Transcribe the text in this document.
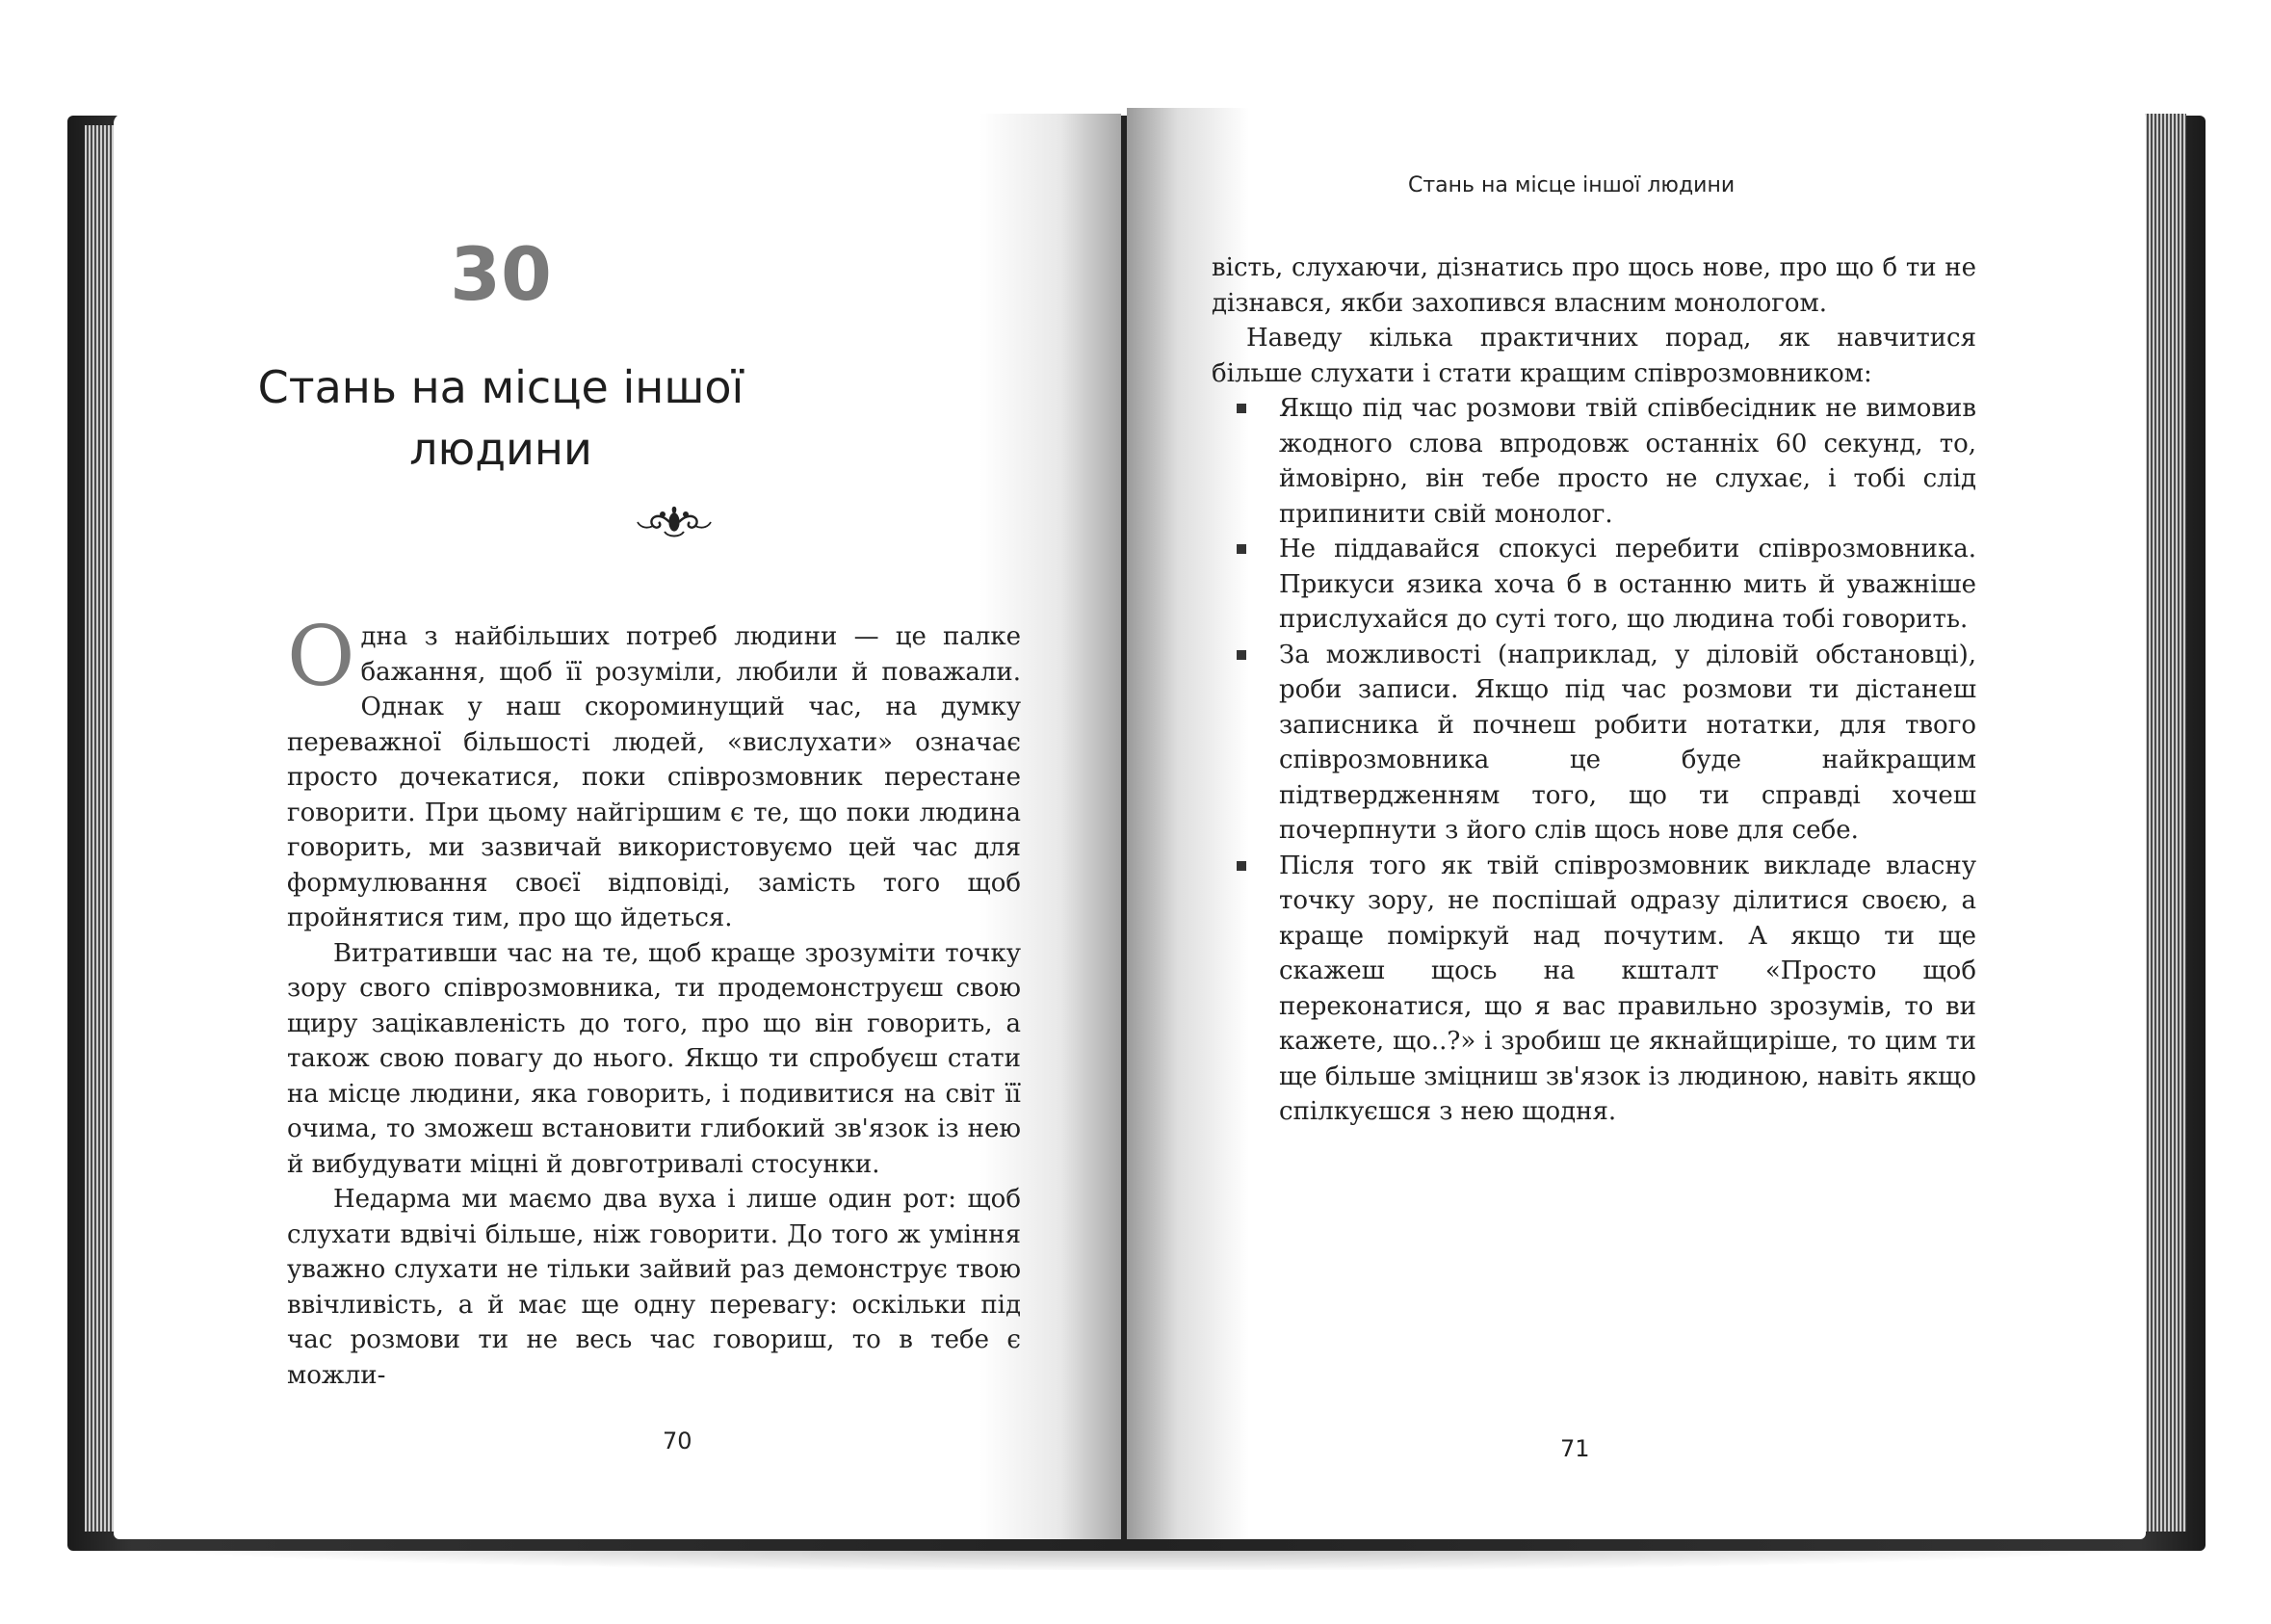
30
Стань на місце іншої
людини

Одна з найбільших потреб людини — це палке бажання, щоб її розуміли, любили й поважали. Однак у наш скороминущий час, на думку переважної більшості людей, «вислухати» означає просто дочекатися, поки співрозмовник перестане говорити. При цьому найгіршим є те, що поки людина говорить, ми зазвичай використовуємо цей час для формулювання своєї відповіді, замість того щоб пройнятися тим, про що йдеться.

Витративши час на те, щоб краще зрозуміти точку зору свого співрозмовника, ти продемонструєш свою щиру зацікавленість до того, про що він говорить, а також свою повагу до нього. Якщо ти спробуєш стати на місце людини, яка говорить, і подивитися на світ її очима, то зможеш встановити глибокий зв'язок із нею й вибудувати міцні й довготривалі стосунки.

Недарма ми маємо два вуха і лише один рот: щоб слухати вдвічі більше, ніж говорити. До того ж уміння уважно слухати не тільки зайвий раз демонструє твою ввічливість, а й має ще одну перевагу: оскільки під час розмови ти не весь час говориш, то в тебе є можли-

70
Стань на місце іншої людини

вість, слухаючи, дізнатись про щось нове, про що б ти не дізнався, якби захопився власним монологом.

Наведу кілька практичних порад, як навчитися більше слухати і стати кращим співрозмовником:

Якщо під час розмови твій співбесідник не вимовив жодного слова впродовж останніх 60 секунд, то, ймовірно, він тебе просто не слухає, і тобі слід припинити свій монолог.
Не піддавайся спокусі перебити співрозмовника. Прикуси язика хоча б в останню мить й уважніше прислухайся до суті того, що людина тобі говорить.
За можливості (наприклад, у діловій обстановці), роби записи. Якщо під час розмови ти дістанеш записника й почнеш робити нотатки, для твого співрозмовника це буде найкращим підтвердженням того, що ти справді хочеш почерпнути з його слів щось нове для себе.
Після того як твій співрозмовник викладе власну точку зору, не поспішай одразу ділитися своєю, а краще поміркуй над почутим. А якщо ти ще скажеш щось на кшталт «Просто щоб переконатися, що я вас правильно зрозумів, то ви кажете, що..?» і зробиш це якнайщиріше, то цим ти ще більше зміцниш зв'язок із людиною, навіть якщо спілкуєшся з нею щодня.
71
